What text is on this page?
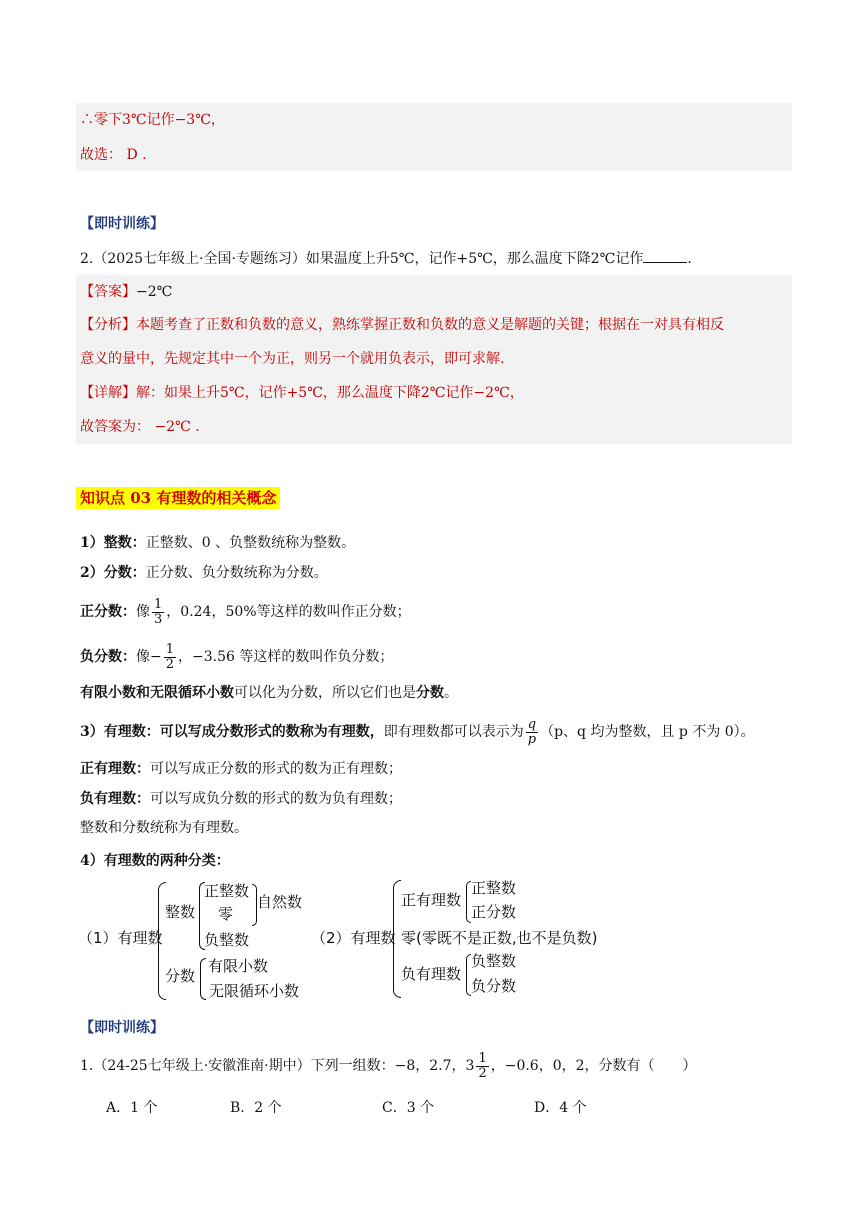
∴零下3℃记作−3℃，
故选： D .
【即时训练】
2.（2025七年级上·全国·专题练习）如果温度上升5℃，记作+5℃，那么温度下降2℃记作	.
【答案】−2℃
【分析】本题考查了正数和负数的意义，熟练掌握正数和负数的意义是解题的关键；根据在一对具有相反
意义的量中，先规定其中一个为正，则另一个就用负表示，即可求解.
【详解】解：如果上升5℃，记作+5℃，那么温度下降2℃记作−2℃，
故答案为： −2℃ .
知识点 03 有理数的相关概念
1）整数：正整数、0 、负整数统称为整数。
2）分数：正分数、负分数统称为分数。
正分数：像 $\frac{1}{3}$ ，0.24，50%等这样的数叫作正分数；
负分数：像− $\frac{1}{2}$ ，−3.56 等这样的数叫作负分数；
有限小数和无限循环小数可以化为分数，所以它们也是分数。
3）有理数：可以写成分数形式的数称为有理数，即有理数都可以表示为 $\frac{q}{p} (p$、q 均为整数，且 p 不为 0）。
正有理数：可以写成正分数的形式的数为正有理数；
负有理数：可以写成负分数的形式的数为负有理数；
整数和分数统称为有理数。
4）有理数的两种分类：
（1）有理数
整数
正整数
零
自然数
负整数
分数
有限小数
无限循环小数
（2）有理数
正有理数
正整数
正分数
零(零既不是正数,也不是负数)
负有理数
负整数
负分数
【即时训练】
1.（24-25七年级上·安徽淮南·期中）下列一组数：−8，2.7，$3 \frac{1}{2}$ ，−0.6，0，2，分数有（　　）
A．1 个	B．2 个	C．3 个	D．4 个
